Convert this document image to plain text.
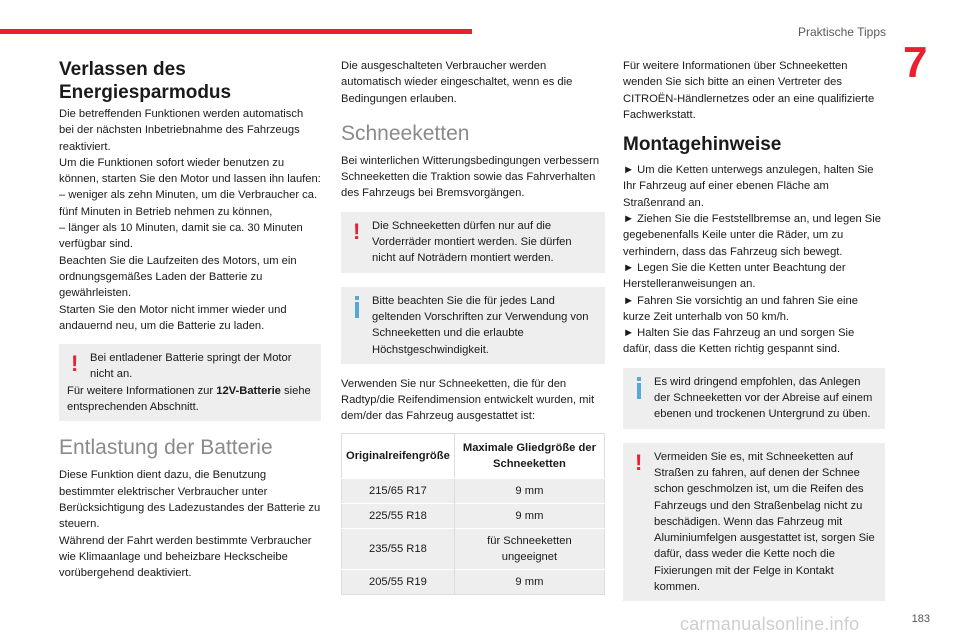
Praktische Tipps
7
Verlassen des Energiesparmodus

Die betreffenden Funktionen werden automatisch bei der nächsten Inbetriebnahme des Fahrzeugs reaktiviert.

Um die Funktionen sofort wieder benutzen zu können, starten Sie den Motor und lassen ihn laufen:

– weniger als zehn Minuten, um die Verbraucher ca. fünf Minuten in Betrieb nehmen zu können,

– länger als 10 Minuten, damit sie ca. 30 Minuten verfügbar sind.

Beachten Sie die Laufzeiten des Motors, um ein ordnungsgemäßes Laden der Batterie zu gewährleisten.

Starten Sie den Motor nicht immer wieder und andauernd neu, um die Batterie zu laden.

!	Bei entladener Batterie springt der Motor nicht an.

Für weitere Informationen zur 12V-Batterie siehe entsprechenden Abschnitt.

Entlastung der Batterie

Diese Funktion dient dazu, die Benutzung bestimmter elektrischer Verbraucher unter Berücksichtigung des Ladezustandes der Batterie zu steuern.

Während der Fahrt werden bestimmte Verbraucher wie Klimaanlage und beheizbare Heckscheibe vorübergehend deaktiviert.

Die ausgeschalteten Verbraucher werden automatisch wieder eingeschaltet, wenn es die Bedingungen erlauben.

Schneeketten

Bei winterlichen Witterungsbedingungen verbessern Schneeketten die Traktion sowie das Fahrverhalten des Fahrzeugs bei Bremsvorgängen.

!	Die Schneeketten dürfen nur auf die Vorderräder montiert werden. Sie dürfen nicht auf Noträdern montiert werden.

Bitte beachten Sie die für jedes Land geltenden Vorschriften zur Verwendung von Schneeketten und die erlaubte Höchstgeschwindigkeit.

Verwenden Sie nur Schneeketten, die für den Radtyp/die Reifendimension entwickelt wurden, mit dem/der das Fahrzeug ausgestattet ist:

Originalreifengröße	Maximale Gliedgröße der Schneeketten
215/65 R17	9 mm
225/55 R18	9 mm
235/55 R18	für Schneeketten ungeeignet
205/55 R19	9 mm

Für weitere Informationen über Schneeketten wenden Sie sich bitte an einen Vertreter des CITROËN-Händlernetzes oder an eine qualifizierte Fachwerkstatt.

Montagehinweise

► Um die Ketten unterwegs anzulegen, halten Sie Ihr Fahrzeug auf einer ebenen Fläche am Straßenrand an.

► Ziehen Sie die Feststellbremse an, und legen Sie gegebenenfalls Keile unter die Räder, um zu verhindern, dass das Fahrzeug sich bewegt.

► Legen Sie die Ketten unter Beachtung der Herstelleranweisungen an.

► Fahren Sie vorsichtig an und fahren Sie eine kurze Zeit unterhalb von 50 km/h.

► Halten Sie das Fahrzeug an und sorgen Sie dafür, dass die Ketten richtig gespannt sind.

Es wird dringend empfohlen, das Anlegen der Schneeketten vor der Abreise auf einem ebenen und trockenen Untergrund zu üben.

!	Vermeiden Sie es, mit Schneeketten auf Straßen zu fahren, auf denen der Schnee schon geschmolzen ist, um die Reifen des Fahrzeugs und den Straßenbelag nicht zu beschädigen. Wenn das Fahrzeug mit Aluminiumfelgen ausgestattet ist, sorgen Sie dafür, dass weder die Kette noch die Fixierungen mit der Felge in Kontakt kommen.

carmanualsonline.info	183
